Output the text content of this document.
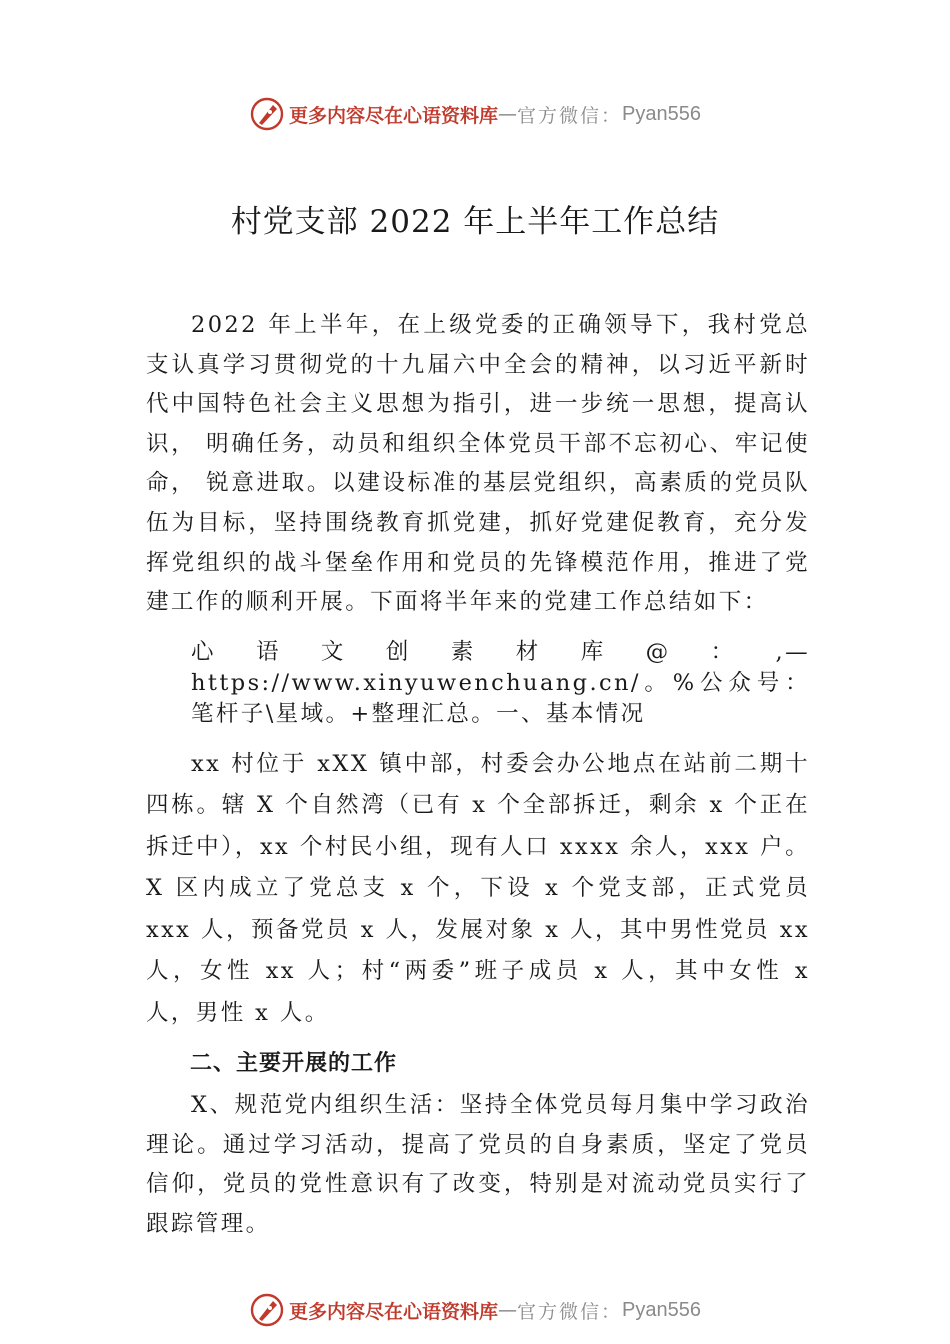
更多内容尽在心语资料库 — 官方微信： Pyan556
村党支部 2022 年上半年工作总结

2022 年上半年，在上级党委的正确领导下，我村党总支认真学习贯彻党的十九届六中全会的精神，以习近平新时代中国特色社会主义思想为指引，进一步统一思想，提高认识， 明确任务，动员和组织全体党员干部不忘初心、牢记使命， 锐意进取。以建设标准的基层党组织，高素质的党员队伍为目标，坚持围绕教育抓党建，抓好党建促教育，充分发挥党组织的战斗堡垒作用和党员的先锋模范作用，推进了党建工作的顺利开展。下面将半年来的党建工作总结如下：

心语文创素材库@：,—https://www.xinyuwenchuang.cn/。%公众号：笔杆子\星域。+整理汇总。一、基本情况

xx 村位于 xXX 镇中部，村委会办公地点在站前二期十四栋。辖 X 个自然湾（已有 x 个全部拆迁，剩余 x 个正在拆迁中），xx 个村民小组，现有人口 xxxx 余人，xxx 户。X 区内成立了党总支 x 个，下设 x 个党支部，正式党员 xxx 人，预备党员 x 人，发展对象 x 人，其中男性党员 xx 人，女性 xx 人；村“两委”班子成员 x 人，其中女性 x 人，男性 x 人。

二、主要开展的工作

X、规范党内组织生活：坚持全体党员每月集中学习政治理论。通过学习活动，提高了党员的自身素质，坚定了党员信仰，党员的党性意识有了改变，特别是对流动党员实行了跟踪管理。

更多内容尽在心语资料库 — 官方微信： Pyan556
